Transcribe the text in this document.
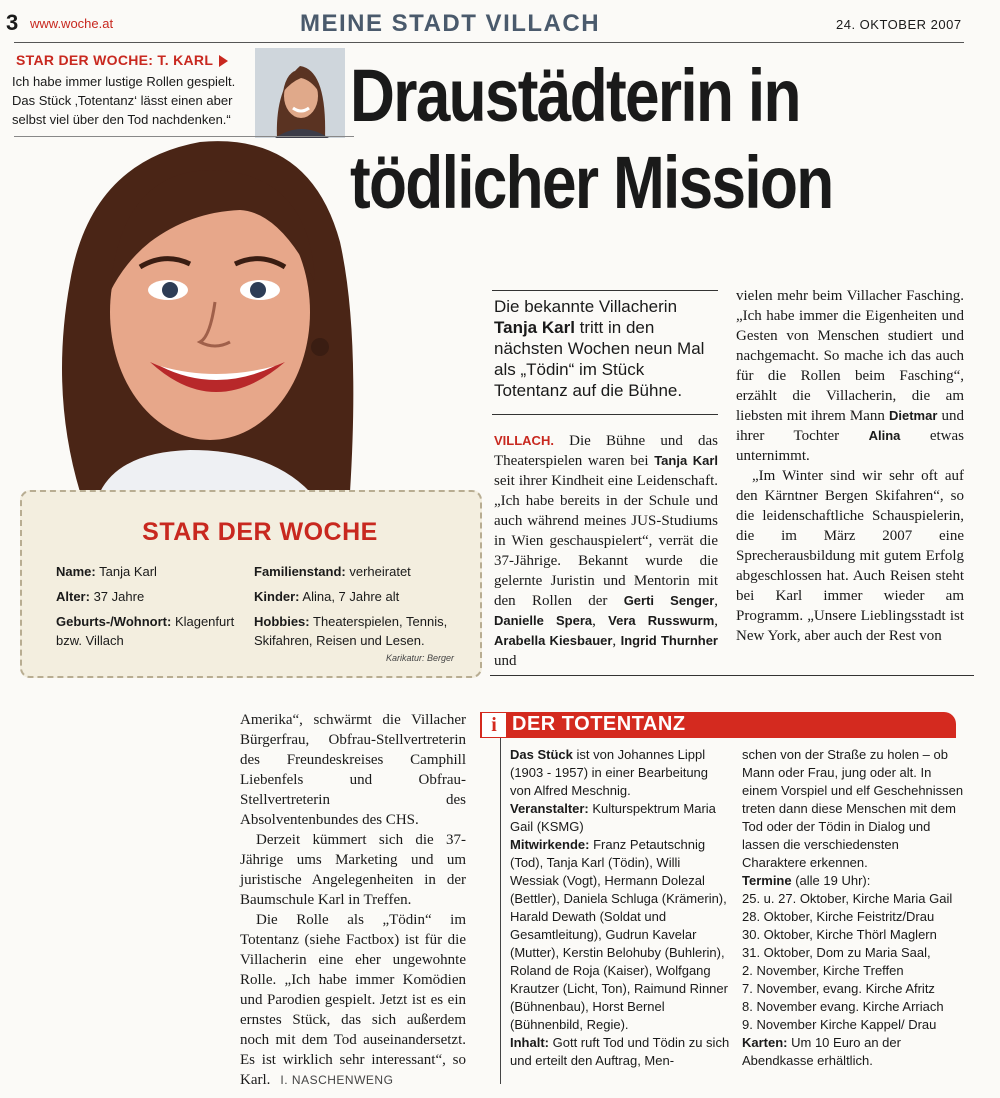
3 www.woche.at	MEINE STADT VILLACH	24. OKTOBER 2007
STAR DER WOCHE: T. KARL
Ich habe immer lustige Rollen gespielt. Das Stück ‚Totentanz‘ lässt einen aber selbst viel über den Tod nachdenken.“ Draustädterin in
tödlicher Mission
STAR DER WOCHE
Name: Tanja Karl
Alter: 37 Jahre
Geburts-/Wohnort: Klagenfurt bzw. Villach
Familienstand: verheiratet
Kinder: Alina, 7 Jahre alt
Hobbies: Theaterspielen, Tennis, Skifahren, Reisen und Lesen.
Karikatur: Berger
Die bekannte Villacherin Tanja Karl tritt in den nächsten Wochen neun Mal als „Tödin“ im Stück Totentanz auf die Bühne.
VILLACH. Die Bühne und das Theaterspielen waren bei Tanja Karl seit ihrer Kindheit eine Leidenschaft. „Ich habe bereits in der Schule und auch während meines JUS-Studiums in Wien geschauspielert“, verrät die 37-Jährige. Bekannt wurde die gelernte Juristin und Mentorin mit den Rollen der Gerti Senger, Danielle Spera, Vera Russwurm, Arabella Kiesbauer, Ingrid Thurnher und

vielen mehr beim Villacher Fasching. „Ich habe immer die Eigenheiten und Gesten von Menschen studiert und nachgemacht. So mache ich das auch für die Rollen beim Fasching“, erzählt die Villacherin, die am liebsten mit ihrem Mann Dietmar und ihrer Tochter Alina etwas unternimmt.

„Im Winter sind wir sehr oft auf den Kärntner Bergen Skifahren“, so die leidenschaftliche Schauspielerin, die im März 2007 eine Sprecherausbildung mit gutem Erfolg abgeschlossen hat. Auch Reisen steht bei Karl immer wieder am Programm. „Unsere Lieblingsstadt ist New York, aber auch der Rest von

Amerika“, schwärmt die Villacher Bürgerfrau, Obfrau-Stellvertreterin des Freundeskreises Camphill Liebenfels und Obfrau-Stellvertreterin des Absolventenbundes des CHS.

Derzeit kümmert sich die 37-Jährige ums Marketing und um juristische Angelegenheiten in der Baumschule Karl in Treffen.

Die Rolle als „Tödin“ im Totentanz (siehe Factbox) ist für die Villacherin eine eher ungewohnte Rolle. „Ich habe immer Komödien und Parodien gespielt. Jetzt ist es ein ernstes Stück, das sich außerdem noch mit dem Tod auseinandersetzt. Es ist wirklich sehr interessant“, so Karl. I. NASCHENWENG

i DER TOTENTANZ
Das Stück ist von Johannes Lippl (1903 - 1957) in einer Bearbeitung von Alfred Meschnig.
Veranstalter: Kulturspektrum Maria Gail (KSMG)
Mitwirkende: Franz Petautschnig (Tod), Tanja Karl (Tödin), Willi Wessiak (Vogt), Hermann Dolezal (Bettler), Daniela Schluga (Krämerin), Harald Dewath (Soldat und Gesamtleitung), Gudrun Kavelar (Mutter), Kerstin Belohuby (Buhlerin), Roland de Roja (Kaiser), Wolfgang Krautzer (Licht, Ton), Raimund Rinner (Bühnenbau), Horst Bernel (Bühnenbild, Regie).
Inhalt: Gott ruft Tod und Tödin zu sich und erteilt den Auftrag, Men-
schen von der Straße zu holen – ob Mann oder Frau, jung oder alt. In einem Vorspiel und elf Geschehnissen treten dann diese Menschen mit dem Tod oder der Tödin in Dialog und lassen die verschiedensten Charaktere erkennen.
Termine (alle 19 Uhr):
25. u. 27. Oktober, Kirche Maria Gail
28. Oktober, Kirche Feistritz/Drau
30. Oktober, Kirche Thörl Maglern
31. Oktober, Dom zu Maria Saal,
2. November, Kirche Treffen
7. November, evang. Kirche Afritz
8. November evang. Kirche Arriach
9. November Kirche Kappel/ Drau
Karten: Um 10 Euro an der Abendkasse erhältlich.
